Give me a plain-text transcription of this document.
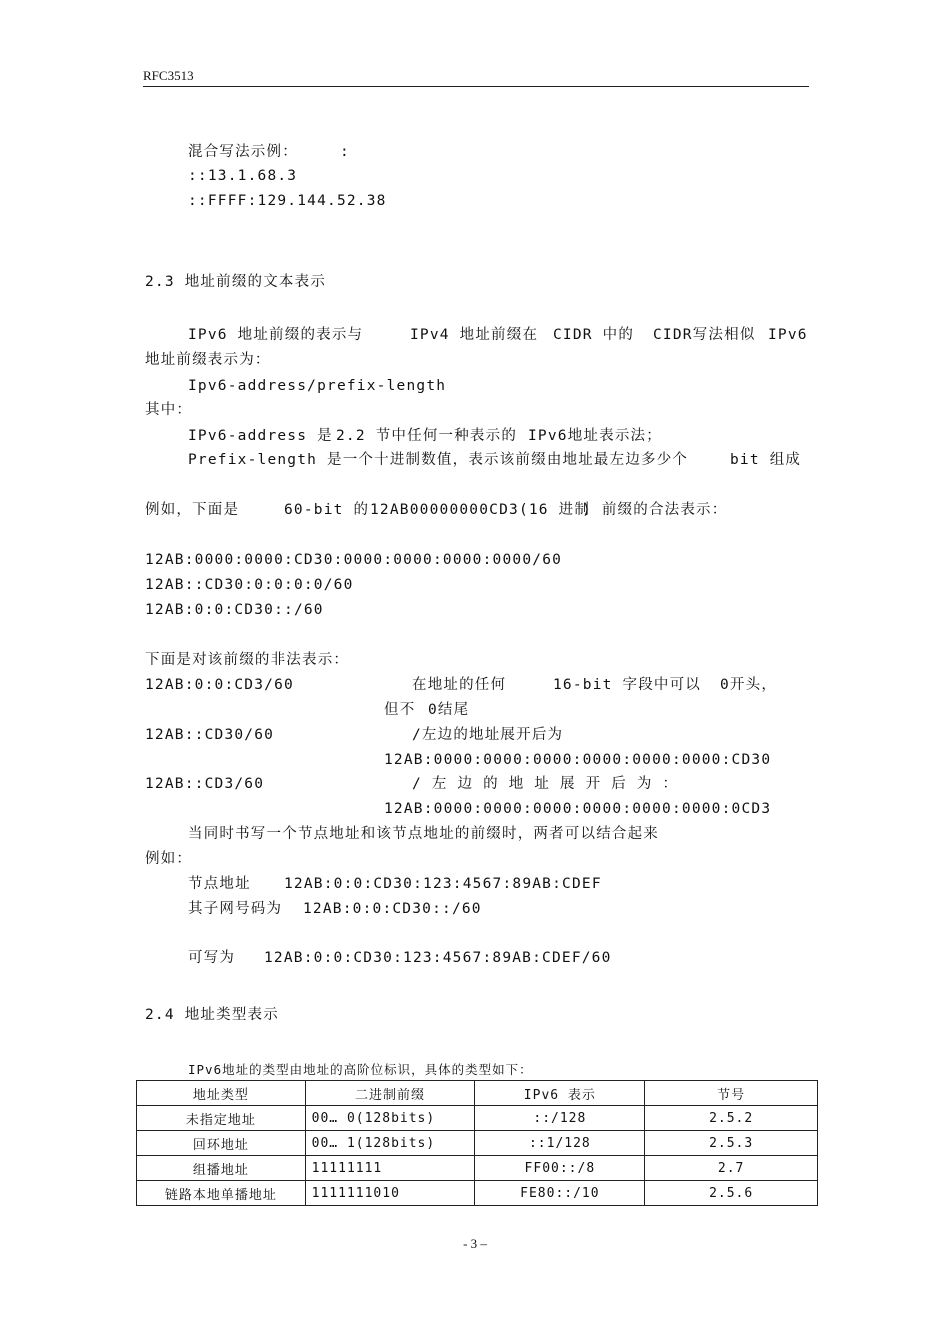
RFC3513
混合写法示例：	:
::13.1.68.3
::FFFF:129.144.52.38
2.3 地址前缀的文本表示
IPv6 地址前缀的表示与	IPv4 地址前缀在 CIDR 中的 CIDR写法相似 IPv6
地址前缀表示为：
Ipv6-address/prefix-length
其中：
IPv6-address 是 2.2 节中任何一种表示的 IPv6地址表示法；
Prefix-length 是一个十进制数值，表示该前缀由地址最左边多少个	bit 组成
例如，下面是	60-bit 的 12AB00000000CD3(16 进制
) 前缀的合法表示：
12AB:0000:0000:CD30:0000:0000:0000:0000/60
12AB::CD30:0:0:0:0/60
12AB:0:0:CD30::/60
下面是对该前缀的非法表示：
12AB:0:0:CD3/60	在地址的任何	16-bit 字段中可以 0开头，
但不 0结尾
12AB::CD30/60	/左边的地址展开后为
12AB:0000:0000:0000:0000:0000:0000:CD30
12AB::CD3/60	/ 左 边 的 地 址 展 开 后 为 ：
12AB:0000:0000:0000:0000:0000:0000:0CD3
当同时书写一个节点地址和该节点地址的前缀时，两者可以结合起来
例如：
节点地址 12AB:0:0:CD30:123:4567:89AB:CDEF
其子网号码为 12AB:0:0:CD30::/60
可写为 12AB:0:0:CD30:123:4567:89AB:CDEF/60
2.4 地址类型表示
IPv6地址的类型由地址的高阶位标识，具体的类型如下：
地址类型	二进制前缀	IPv6 表示	节号
未指定地址	00… 0(128bits)	::/128	2.5.2
回环地址	00… 1(128bits)	::1/128	2.5.3
组播地址	11111111	FF00::/8	2.7
链路本地单播地址	1111111010	FE80::/10	2.5.6
- 3 –
